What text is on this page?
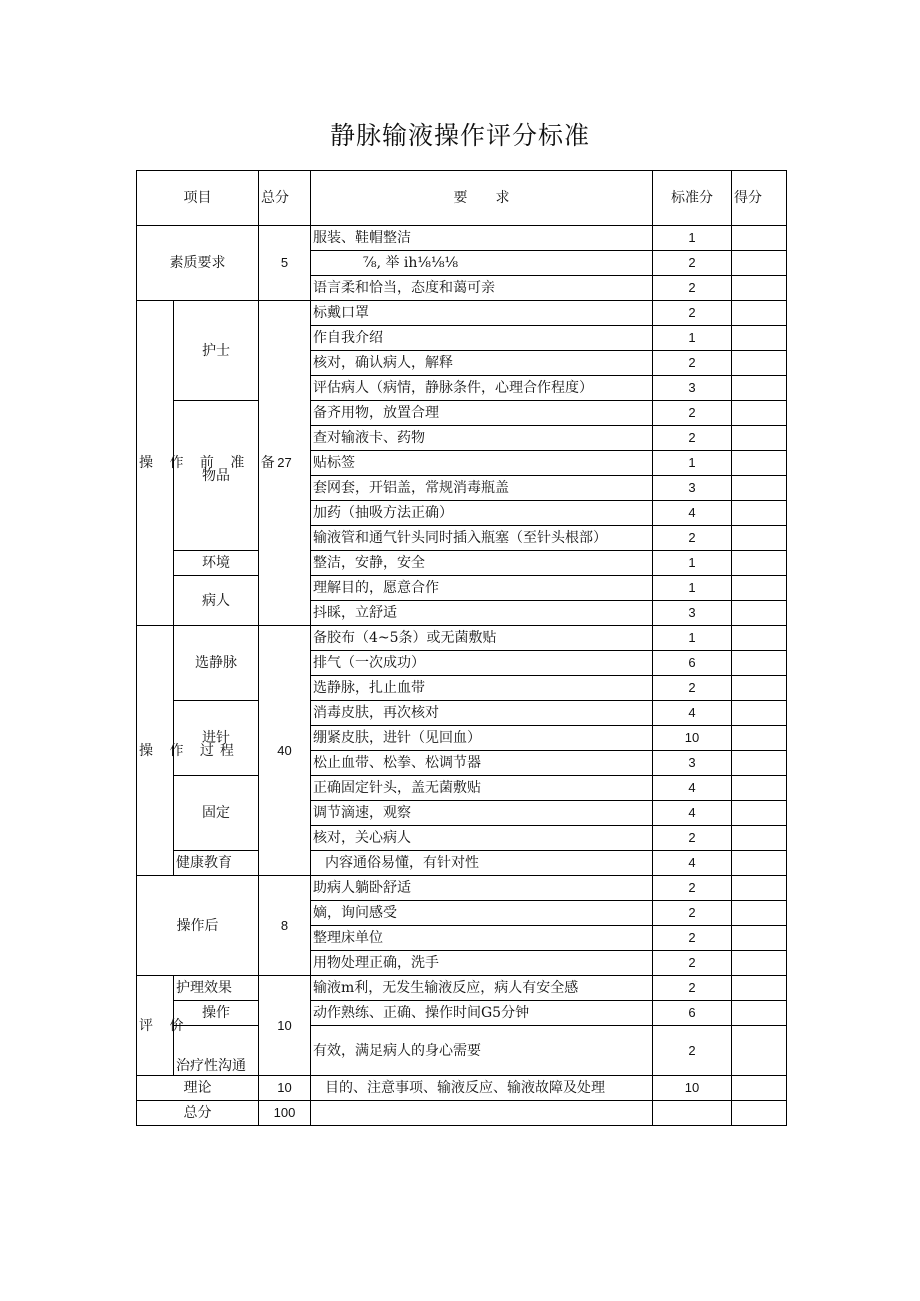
静脉输液操作评分标准
项目		总分	要　　求	标准分	得分
素质要求		5	服装、鞋帽整洁	1	
			⅞, 举 ih⅛⅛⅛	2	
			语言柔和恰当，态度和蔼可亲	2	
操 作 前 准 备	护士	27	标戴口罩	2	
			作自我介绍	1	
			核对，确认病人，解释	2	
			评估病人（病情，静脉条件，心理合作程度）	3	
	物品		备齐用物，放置合理	2	
			查对输液卡、药物	2	
			贴标签	1	
			套网套，开铝盖，常规消毒瓶盖	3	
			加药（抽吸方法正确）	4	
			输液管和通气针头同时插入瓶塞（至针头根部）	2	
	环境		整洁，安静，安全	1	
	病人		理解目的，愿意合作	1	
			抖睬，立舒适	3	
操 作 过程	选静脉	40	备胶布（4~5条）或无菌敷贴	1	
			排气（一次成功）	6	
			选静脉，扎止血带	2	
	进针		消毒皮肤，再次核对	4	
			绷紧皮肤，进针（见回血）	10	
			松止血带、松拳、松调节器	3	
	固定		正确固定针头，盖无菌敷贴	4	
			调节滴速，观察	4	
			核对，关心病人	2	
	健康教育		内容通俗易懂，有针对性	4	
操作后		8	助病人躺卧舒适	2	
			嫡，询问感受	2	
			整理床单位	2	
			用物处理正确，洗手	2	
评 价	护理效果	10	输液m利，无发生输液反应，病人有安全感	2	
	操作		动作熟练、正确、操作时间G5分钟	6	
	治疗性沟通		有效，满足病人的身心需要	2	
理论		10	目的、注意事项、输液反应、输液故障及处理	10	
总分		100			
